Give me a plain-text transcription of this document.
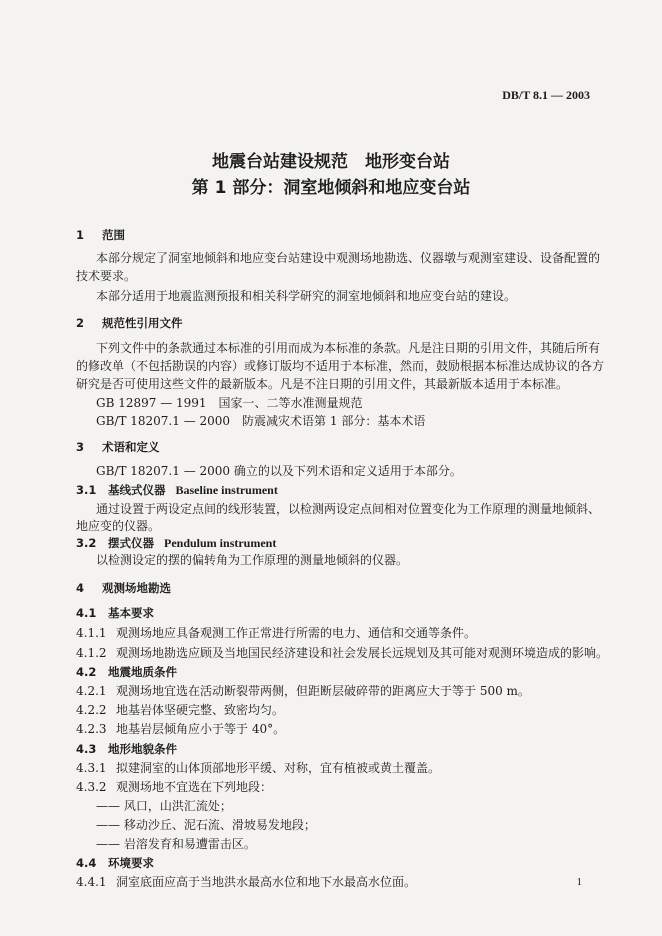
DB/T 8.1 — 2003
地震台站建设规范　地形变台站
第 1 部分：洞室地倾斜和地应变台站
1 范围
本部分规定了洞室地倾斜和地应变台站建设中观测场地勘选、仪器墩与观测室建设、设备配置的
技术要求。
本部分适用于地震监测预报和相关科学研究的洞室地倾斜和地应变台站的建设。
2 规范性引用文件
下列文件中的条款通过本标准的引用而成为本标准的条款。凡是注日期的引用文件，其随后所有
的修改单（不包括勘误的内容）或修订版均不适用于本标准，然而，鼓励根据本标准达成协议的各方
研究是否可使用这些文件的最新版本。凡是不注日期的引用文件，其最新版本适用于本标准。
GB 12897 — 1991　国家一、二等水准测量规范
GB/T 18207.1 — 2000　防震减灾术语第 1 部分：基本术语
3 术语和定义
GB/T 18207.1 — 2000 确立的以及下列术语和定义适用于本部分。
3.1 基线式仪器 Baseline instrument
通过设置于两设定点间的线形装置，以检测两设定点间相对位置变化为工作原理的测量地倾斜、
地应变的仪器。
3.2 摆式仪器 Pendulum instrument
以检测设定的摆的偏转角为工作原理的测量地倾斜的仪器。
4 观测场地勘选
4.1 基本要求
4.1.1 观测场地应具备观测工作正常进行所需的电力、通信和交通等条件。
4.1.2 观测场地勘选应顾及当地国民经济建设和社会发展长远规划及其可能对观测环境造成的影响。
4.2 地震地质条件
4.2.1 观测场地宜选在活动断裂带两侧，但距断层破碎带的距离应大于等于 500 m。
4.2.2 地基岩体坚硬完整、致密均匀。
4.2.3 地基岩层倾角应小于等于 40°。
4.3 地形地貌条件
4.3.1 拟建洞室的山体顶部地形平缓、对称，宜有植被或黄土覆盖。
4.3.2 观测场地不宜选在下列地段：
—— 风口，山洪汇流处；
—— 移动沙丘、泥石流、滑坡易发地段；
—— 岩溶发育和易遭雷击区。
4.4 环境要求
4.4.1 洞室底面应高于当地洪水最高水位和地下水最高水位面。	1
